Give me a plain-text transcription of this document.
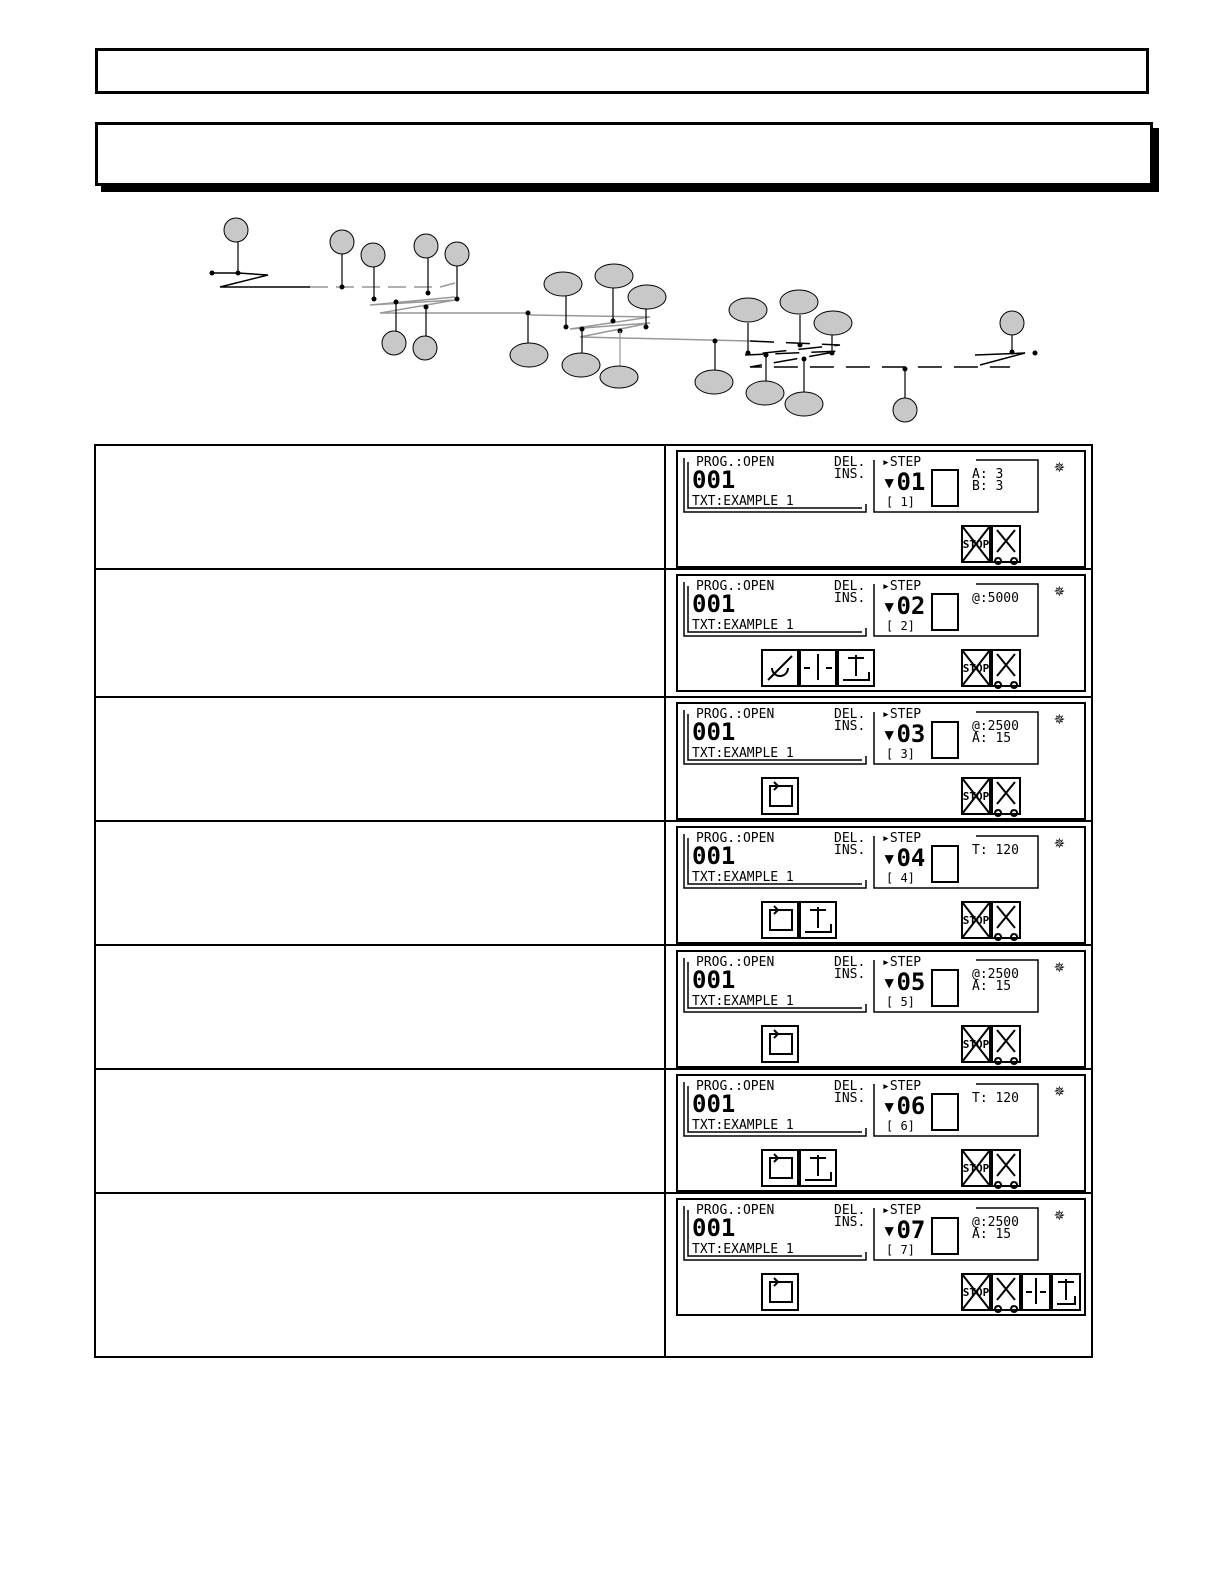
PROG.:OPEN	DEL.
INS.
▸STEP
001
TXT:EXAMPLE 1
▾01
[ 1]
A: 3
B: 3
✵
STOP
PROG.:OPEN	DEL.
INS.
▸STEP
001
TXT:EXAMPLE 1
▾02
[ 2]
@:5000 ✵
STOP
PROG.:OPEN	DEL.
INS.
▸STEP
001
TXT:EXAMPLE 1
▾03
[ 3]
@:2500
A: 15
✵
STOP
PROG.:OPEN	DEL.
INS.
▸STEP
001
TXT:EXAMPLE 1
▾04
[ 4]
T: 120 ✵
STOP
PROG.:OPEN	DEL.
INS.
▸STEP
001
TXT:EXAMPLE 1
▾05
[ 5]
@:2500
A: 15
✵
STOP
PROG.:OPEN	DEL.
INS.
▸STEP
001
TXT:EXAMPLE 1
▾06
[ 6]
T: 120 ✵
STOP
PROG.:OPEN	DEL.
INS.
▸STEP
001
TXT:EXAMPLE 1
▾07
[ 7]
@:2500
A: 15
✵
STOP
